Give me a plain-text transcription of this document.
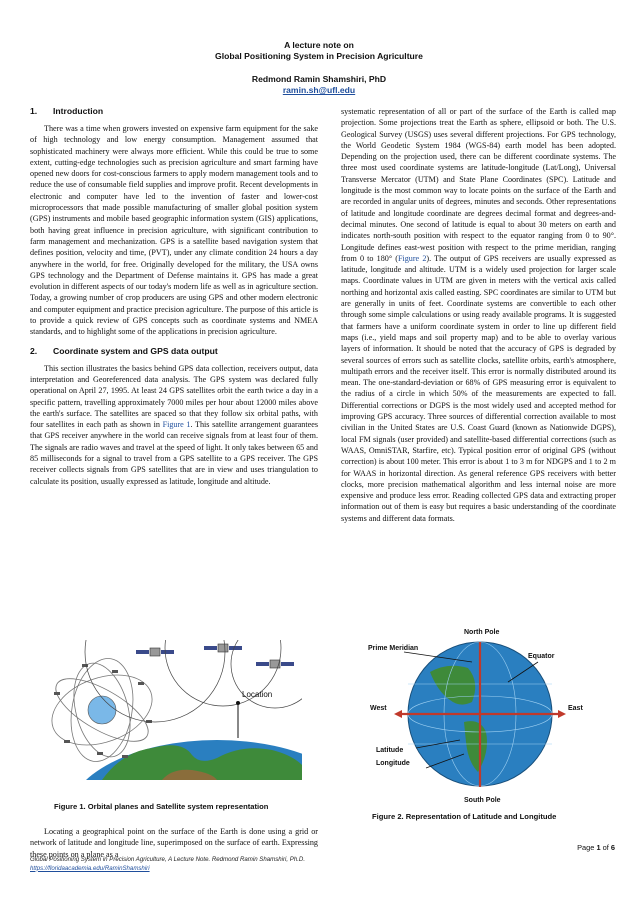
A lecture note on
Global Positioning System in Precision Agriculture
Redmond Ramin Shamshiri, PhD
ramin.sh@ufl.edu
1.	Introduction

There was a time when growers invested on expensive farm equipment for the sake of high technology and low energy consumption. Management assumed that sophisticated machinery were always more efficient. While this could be true to some extent, cutting-edge technologies such as precision agriculture and smart farming have opened new doors for cost-conscious farmers to apply modern management tools and to reduce the use of consumable field supplies and improve profit. Recent developments in electronic and computer have led to the invention of faster and lower-cost microprocessors that made possible manufacturing of smaller global position system (GPS) instruments and mobile based geographic information system (GIS) applications, both having great influence in precision agriculture, with significant contribution to farm management and mechanization. GPS is a satellite based navigation system that defines position, velocity and time, (PVT), under any climate condition 24 hours a day anywhere in the world, for free. Originally developed for the military, the USA owns GPS technology and the Department of Defense maintains it. GPS has made a great evolution in different aspects of our today's modern life as well as in agriculture section. Today, a growing number of crop producers are using GPS and other modern electronic and computer equipment and practice precision agriculture. The purpose of this article is to provide a quick review of GPS concepts such as coordinate systems and NMEA standards, and to highlight some of the applications in precision agriculture.

2.	Coordinate system and GPS data output

This section illustrates the basics behind GPS data collection, receivers output, data interpretation and Georeferenced data analysis. The GPS system was declared fully operational on April 27, 1995. At least 24 GPS satellites orbit the earth twice a day in a specific pattern, travelling approximately 7000 miles per hour about 12000 miles above the earth's surface. The satellites are spaced so that they follow six orbital paths, with four satellites in each path as shown in Figure 1. This satellite arrangement guarantees that GPS receiver anywhere in the world can receive signals from at least four of them. The signals are radio waves and travel at the speed of light. It only takes between 65 and 85 milliseconds for a signal to travel from a GPS satellite to a GPS receiver. The GPS receiver collects signals from GPS satellites that are in view and uses triangulation to calculate its position, usually expressed as latitude, longitude and altitude.

Location
Figure 1. Orbital planes and Satellite system representation

Locating a geographical point on the surface of the Earth is done using a grid or network of latitude and longitude line, superimposed on the surface of earth. Expressing these points on a plane as a

systematic representation of all or part of the surface of the Earth is called map projection. Some projections treat the Earth as sphere, ellipsoid or both. The U.S. Geological Survey (USGS) uses several different projections. For GPS technology, the World Geodetic System 1984 (WGS-84) earth model has been adopted. Depending on the projection used, there can be different coordinate systems. The three most used coordinate systems are latitude-longitude (Lat/Long), Universal Transverse Mercator (UTM) and State Plane Coordinates (SPC). Latitude and longitude is the most common way to locate points on the surface of the Earth and are recorded in angular units of degrees, minutes and seconds. Other representations of latitude and longitude coordinate are degrees decimal format and degrees-and-decimal minutes. One second of latitude is equal to about 30 meters on earth and indicates north-south position with respect to the equator ranging from 0 to 90°. Longitude defines east-west position with respect to the prime meridian, ranging from 0 to 180° (Figure 2). The output of GPS receivers are usually expressed as latitude, longitude and altitude. UTM is a widely used projection for larger scale maps. Coordinate values in UTM are given in meters with the vertical axis called northing and horizontal axis called easting. SPC coordinates are similar to UTM but are generally in units of feet. Coordinate systems are convertible to each other through some simple calculations or using ready available programs. It is suggested that farmers have a uniform coordinate system in order to line up different field maps (i.e., yield maps and soil property map) and to be able to overlay various layers of information. It should be noted that the accuracy of GPS is degraded by several sources of errors such as satellite clocks, satellite orbits, earth's atmosphere, multipath errors and the receiver itself. This error is normally distributed around its mean. The one-standard-deviation or 68% of GPS measuring error is equivalent to the radius of a circle in which 50% of the measurements are expected to fall. Differential corrections or DGPS is the most widely used and accepted method for improving GPS accuracy. Three sources of differential correction available to most civilian in the United States are U.S. Coast Guard (known as Nationwide DGPS), local FM signals (user provided) and satellite-based differential corrections (such as WAAS, OmniSTAR, Starfire, etc). Typical position error of original GPS (without correction) is about 100 meter. This error is about 1 to 3 m for NDGPS and 1 to 2 m for WAAS in horizontal direction. As general reference GPS receivers with better clocks, more precision mathematical algorithm and less internal noise are more expensive and produce less error. Reading collected GPS data and extracting proper information out of them is easy but requires a basic understanding of the coordinate systems and different data formats.

North Pole
South Pole
Prime Meridian
Equator
West	East
Latitude
Longitude
Figure 2. Representation of Latitude and Longitude
Page 1 of 6
Global Positioning System in Precision Agriculture, A Lecture Note. Redmond Ramin Shamshiri, Ph.D.
https://floridaacademia.edu/RaminShamshiri
